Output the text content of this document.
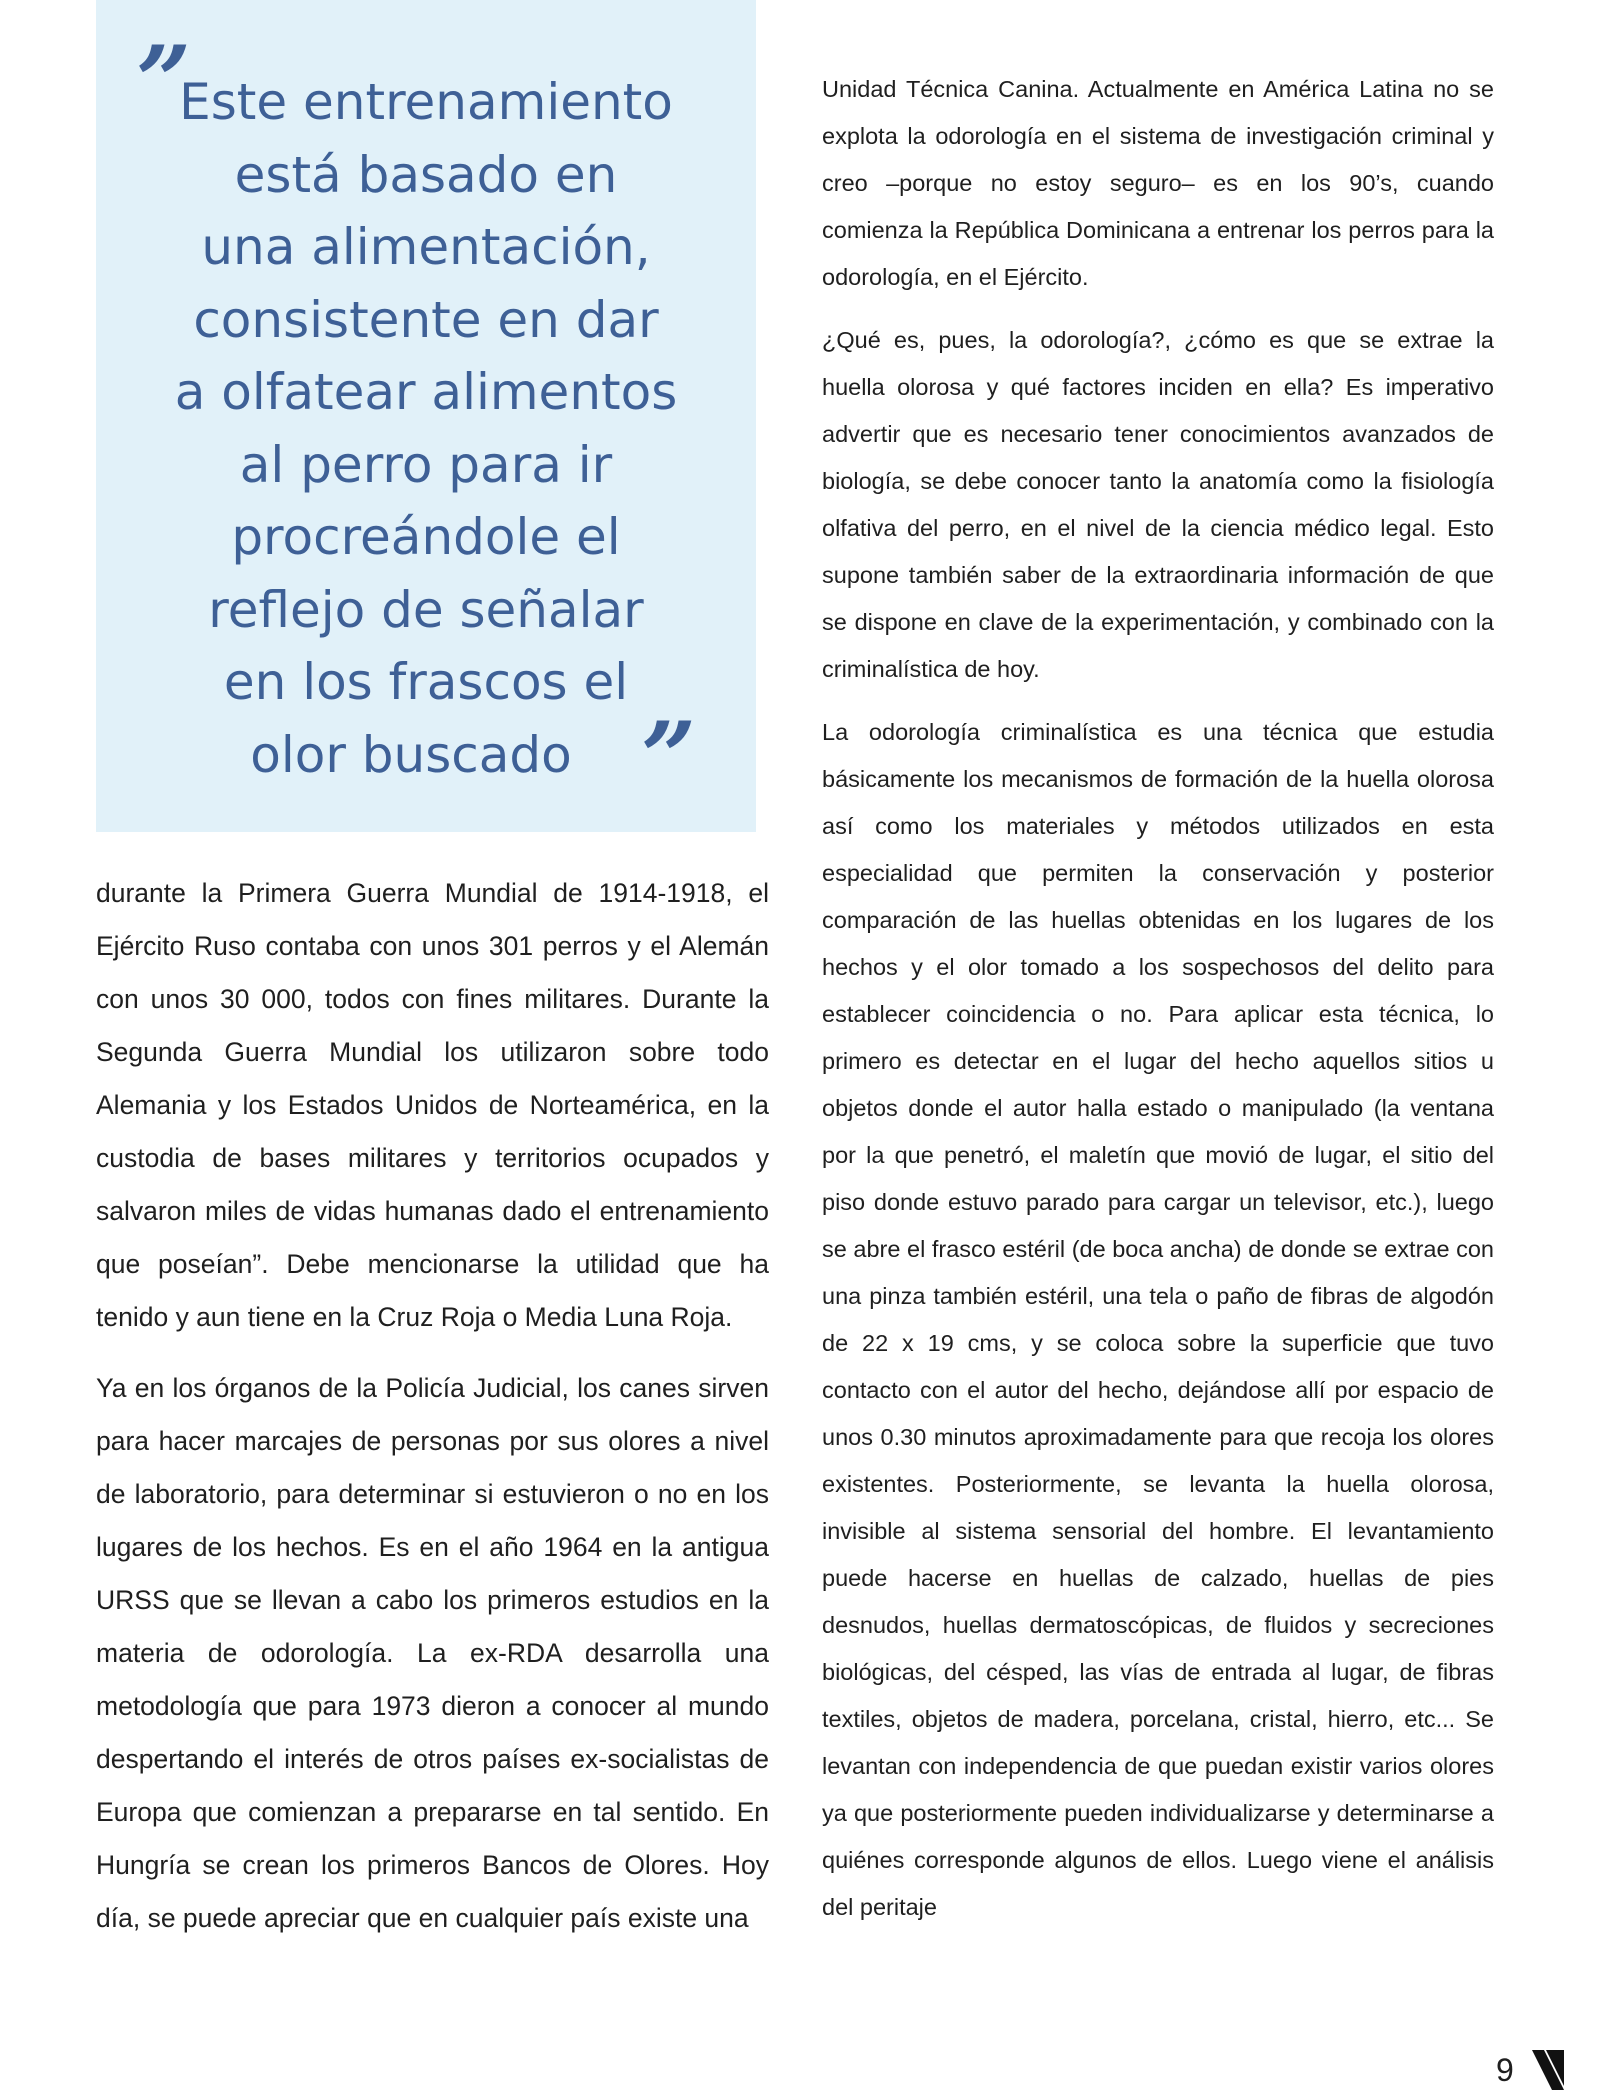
”
Este entrenamiento
está basado en
una alimentación,
consistente en dar
a olfatear alimentos
al perro para ir
procreándole el
reflejo de señalar
en los frascos el
olor buscado ”

durante la Primera Guerra Mundial de 1914-1918, el Ejército Ruso contaba con unos 301 perros y el Alemán con unos 30 000, todos con fines militares. Durante la Segunda Guerra Mundial los utilizaron sobre todo Alemania y los Estados Unidos de Norteamérica, en la custodia de bases militares y territorios ocupados y salvaron miles de vidas humanas dado el entrenamiento que poseían”. Debe mencionarse la utilidad que ha tenido y aun tiene en la Cruz Roja o Media Luna Roja.

Ya en los órganos de la Policía Judicial, los canes sirven para hacer marcajes de personas por sus olores a nivel de laboratorio, para determinar si estuvieron o no en los lugares de los hechos. Es en el año 1964 en la antigua URSS que se llevan a cabo los primeros estudios en la materia de odorología. La ex-RDA desarrolla una metodología que para 1973 dieron a conocer al mundo despertando el interés de otros países ex-socialistas de Europa que comienzan a prepararse en tal sentido. En Hungría se crean los primeros Bancos de Olores. Hoy día, se puede apreciar que en cualquier país existe una

Unidad Técnica Canina. Actualmente en América Latina no se explota la odorología en el sistema de investigación criminal y creo –porque no estoy seguro– es en los 90’s, cuando comienza la República Dominicana a entrenar los perros para la odorología, en el Ejército.

¿Qué es, pues, la odorología?, ¿cómo es que se extrae la huella olorosa y qué factores inciden en ella? Es imperativo advertir que es necesario tener conocimientos avanzados de biología, se debe conocer tanto la anatomía como la fisiología olfativa del perro, en el nivel de la ciencia médico legal. Esto supone también saber de la extraordinaria información de que se dispone en clave de la experimentación, y combinado con la criminalística de hoy.

La odorología criminalística es una técnica que estudia básicamente los mecanismos de formación de la huella olorosa así como los materiales y métodos utilizados en esta especialidad que permiten la conservación y posterior comparación de las huellas obtenidas en los lugares de los hechos y el olor tomado a los sospechosos del delito para establecer coincidencia o no. Para aplicar esta técnica, lo primero es detectar en el lugar del hecho aquellos sitios u objetos donde el autor halla estado o manipulado (la ventana por la que penetró, el maletín que movió de lugar, el sitio del piso donde estuvo parado para cargar un televisor, etc.), luego se abre el frasco estéril (de boca ancha) de donde se extrae con una pinza también estéril, una tela o paño de fibras de algodón de 22 x 19 cms, y se coloca sobre la superficie que tuvo contacto con el autor del hecho, dejándose allí por espacio de unos 0.30 minutos aproximadamente para que recoja los olores existentes. Posteriormente, se levanta la huella olorosa, invisible al sistema sensorial del hombre. El levantamiento puede hacerse en huellas de calzado, huellas de pies desnudos, huellas dermatoscópicas, de fluidos y secreciones biológicas, del césped, las vías de entrada al lugar, de fibras textiles, objetos de madera, porcelana, cristal, hierro, etc... Se levantan con independencia de que puedan existir varios olores ya que posteriormente pueden individualizarse y determinarse a quiénes corresponde algunos de ellos. Luego viene el análisis del peritaje

9
